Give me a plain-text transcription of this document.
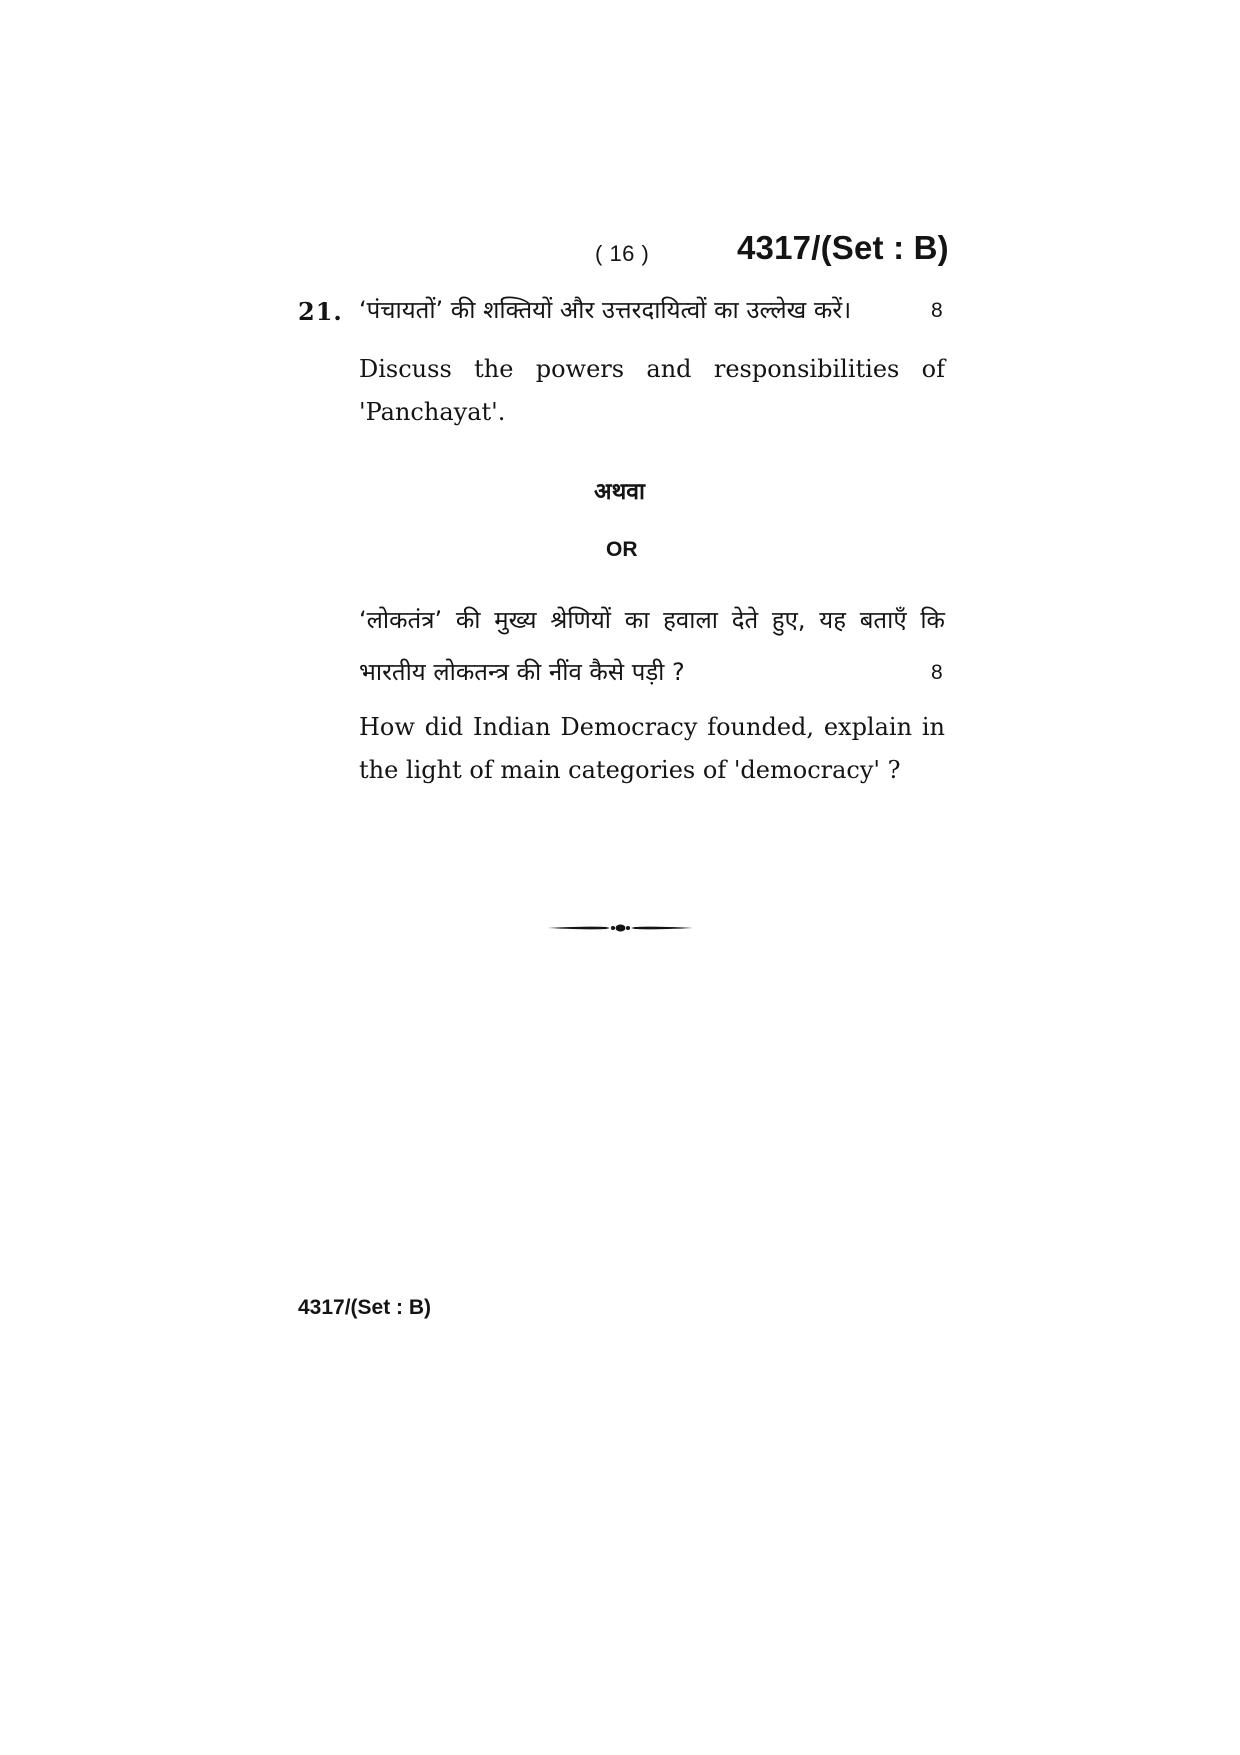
( 16 )	4317/(Set : B)
21. ‘पंचायतों’ की शक्तियों और उत्तरदायित्वों का उल्लेख करें।	8
Discuss the powers and responsibilities of
'Panchayat'.
अथवा
OR
‘लोकतंत्र’ की मुख्य श्रेणियों का हवाला देते हुए, यह बताएँ कि
भारतीय लोकतन्त्र की नींव कैसे पड़ी ?	8
How did Indian Democracy founded, explain in
the light of main categories of 'democracy' ?
4317/(Set : B)
